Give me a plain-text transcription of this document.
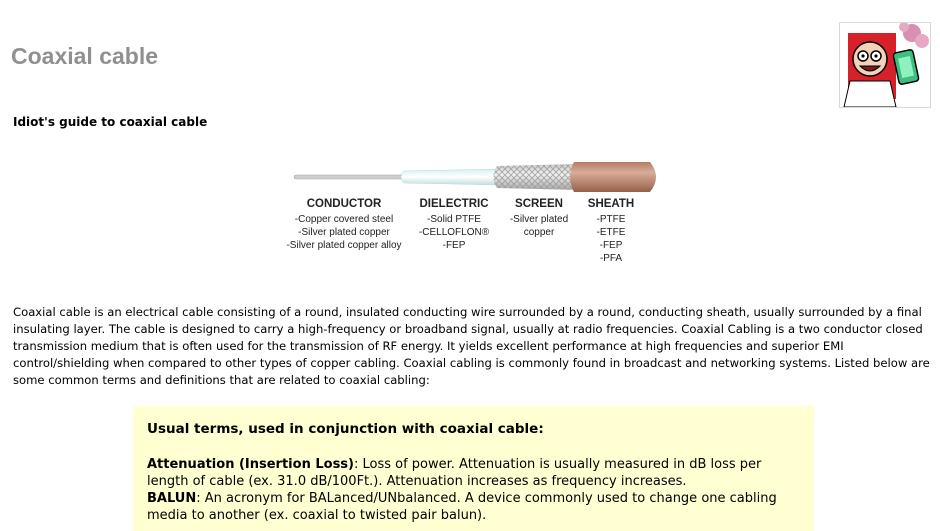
Coaxial cable

Idiot's guide to coaxial cable

CONDUCTOR
-Copper covered steel
-Silver plated copper
-Silver plated copper alloy
DIELECTRIC
-Solid PTFE
-CELLOFLON®
-FEP
SCREEN
-Silver plated
copper
SHEATH
-PTFE
-ETFE
-FEP
-PFA

Coaxial cable is an electrical cable consisting of a round, insulated conducting wire surrounded by a round, conducting sheath, usually surrounded by a final insulating layer. The cable is designed to carry a high-frequency or broadband signal, usually at radio frequencies. Coaxial Cabling is a two conductor closed transmission medium that is often used for the transmission of RF energy. It yields excellent performance at high frequencies and superior EMI control/shielding when compared to other types of copper cabling. Coaxial cabling is commonly found in broadcast and networking systems. Listed below are some common terms and definitions that are related to coaxial cabling:

Usual terms, used in conjunction with coaxial cable:

Attenuation (Insertion Loss): Loss of power. Attenuation is usually measured in dB loss per length of cable (ex. 31.0 dB/100Ft.). Attenuation increases as frequency increases.

BALUN: An acronym for BALanced/UNbalanced. A device commonly used to change one cabling media to another (ex. coaxial to twisted pair balun).
